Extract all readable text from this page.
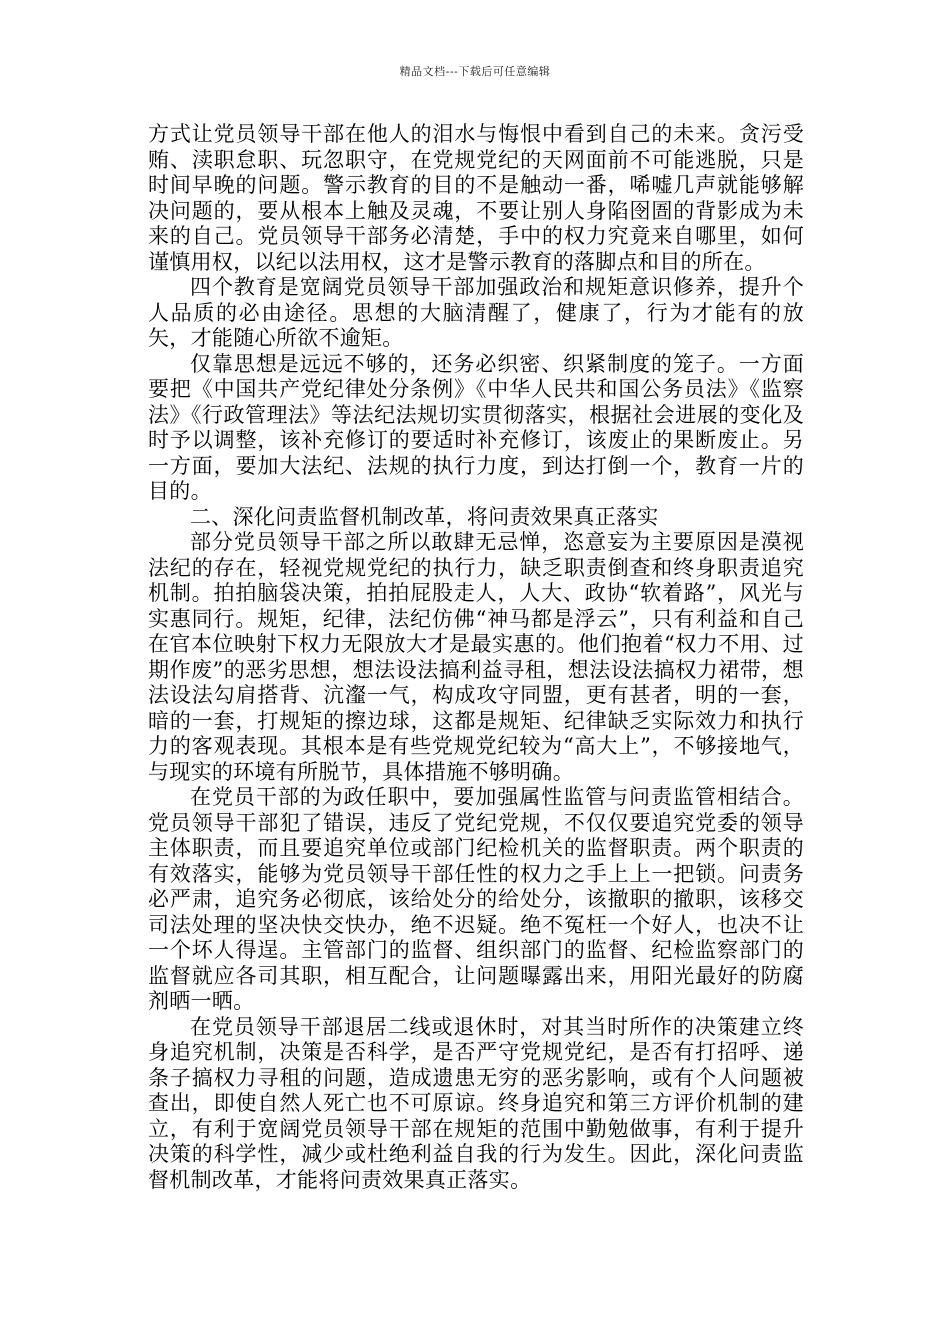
精品文档---下载后可任意编辑

方式让党员领导干部在他人的泪水与悔恨中看到自己的未来。贪污受贿、渎职怠职、玩忽职守，在党规党纪的天网面前不可能逃脱，只是时间早晚的问题。警示教育的目的不是触动一番，唏嘘几声就能够解决问题的，要从根本上触及灵魂，不要让别人身陷囹圄的背影成为未来的自己。党员领导干部务必清楚，手中的权力究竟来自哪里，如何谨慎用权，以纪以法用权，这才是警示教育的落脚点和目的所在。

四个教育是宽阔党员领导干部加强政治和规矩意识修养，提升个人品质的必由途径。思想的大脑清醒了，健康了，行为才能有的放矢，才能随心所欲不逾矩。

仅靠思想是远远不够的，还务必织密、织紧制度的笼子。一方面要把《中国共产党纪律处分条例》《中华人民共和国公务员法》《监察法》《行政管理法》等法纪法规切实贯彻落实，根据社会进展的变化及时予以调整，该补充修订的要适时补充修订，该废止的果断废止。另一方面，要加大法纪、法规的执行力度，到达打倒一个，教育一片的目的。

二、深化问责监督机制改革，将问责效果真正落实

部分党员领导干部之所以敢肆无忌惮，恣意妄为主要原因是漠视法纪的存在，轻视党规党纪的执行力，缺乏职责倒查和终身职责追究机制。拍拍脑袋决策，拍拍屁股走人，人大、政协“软着路”，风光与实惠同行。规矩，纪律，法纪仿佛“神马都是浮云”，只有利益和自己在官本位映射下权力无限放大才是最实惠的。他们抱着“权力不用、过期作废”的恶劣思想，想法设法搞利益寻租，想法设法搞权力裙带，想法设法勾肩搭背、沆瀣一气，构成攻守同盟，更有甚者，明的一套，暗的一套，打规矩的擦边球，这都是规矩、纪律缺乏实际效力和执行力的客观表现。其根本是有些党规党纪较为“高大上”，不够接地气，与现实的环境有所脱节，具体措施不够明确。

在党员干部的为政任职中，要加强属性监管与问责监管相结合。党员领导干部犯了错误，违反了党纪党规，不仅仅要追究党委的领导主体职责，而且要追究单位或部门纪检机关的监督职责。两个职责的有效落实，能够为党员领导干部任性的权力之手上上一把锁。问责务必严肃，追究务必彻底，该给处分的给处分，该撤职的撤职，该移交司法处理的坚决快交快办，绝不迟疑。绝不冤枉一个好人，也决不让一个坏人得逞。主管部门的监督、组织部门的监督、纪检监察部门的监督就应各司其职，相互配合，让问题曝露出来，用阳光最好的防腐剂晒一晒。

在党员领导干部退居二线或退休时，对其当时所作的决策建立终身追究机制，决策是否科学，是否严守党规党纪，是否有打招呼、递条子搞权力寻租的问题，造成遗患无穷的恶劣影响，或有个人问题被查出，即使自然人死亡也不可原谅。终身追究和第三方评价机制的建立，有利于宽阔党员领导干部在规矩的范围中勤勉做事，有利于提升决策的科学性，减少或杜绝利益自我的行为发生。因此，深化问责监督机制改革，才能将问责效果真正落实。
